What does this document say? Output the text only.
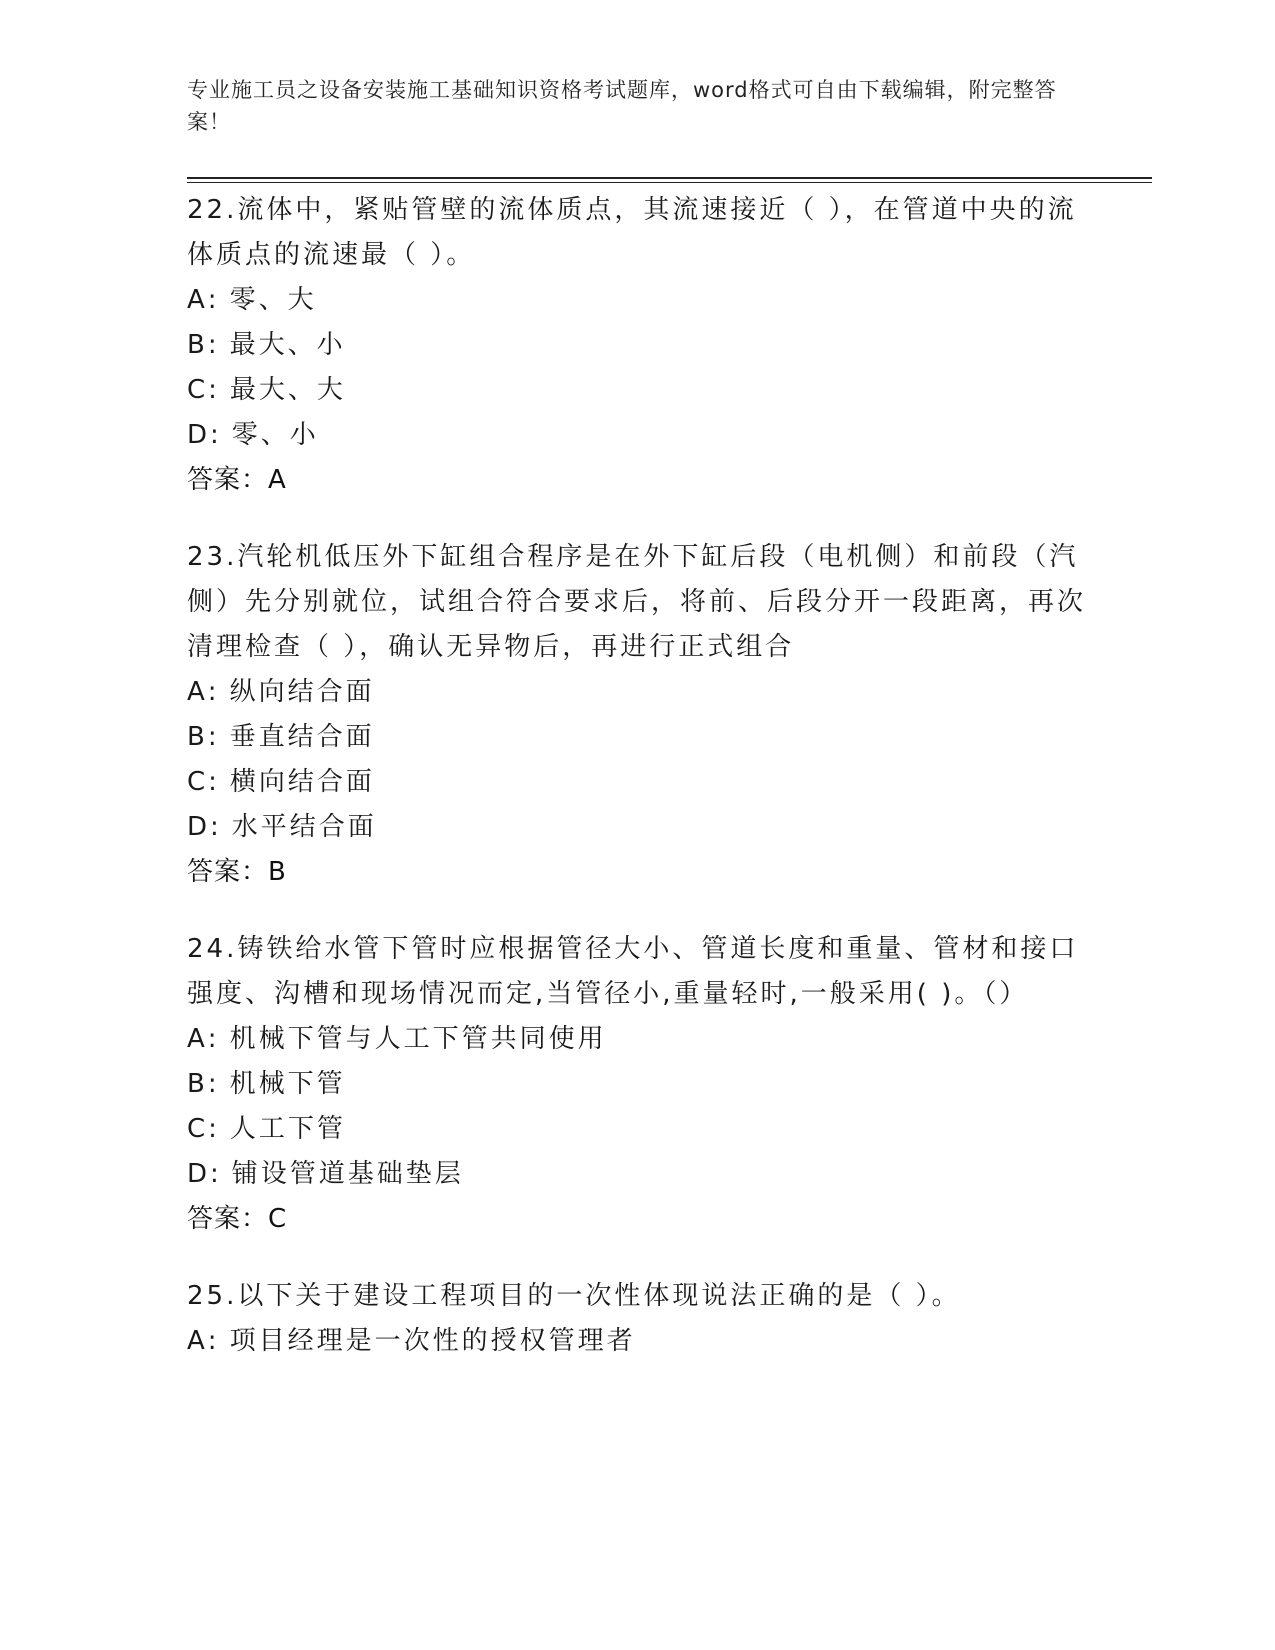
专业施工员之设备安装施工基础知识资格考试题库，word格式可自由下载编辑，附完整答案！

22.流体中，紧贴管壁的流体质点，其流速接近（ ），在管道中央的流体质点的流速最（ ）。

A: 零、大
B: 最大、小
C: 最大、大
D: 零、小

答案：A

23.汽轮机低压外下缸组合程序是在外下缸后段（电机侧）和前段（汽侧）先分别就位，试组合符合要求后，将前、后段分开一段距离，再次清理检查（ ），确认无异物后，再进行正式组合

A: 纵向结合面
B: 垂直结合面
C: 横向结合面
D: 水平结合面

答案：B

24.铸铁给水管下管时应根据管径大小、管道长度和重量、管材和接口强度、沟槽和现场情况而定,当管径小,重量轻时,一般采用( )。（）

A: 机械下管与人工下管共同使用
B: 机械下管
C: 人工下管
D: 铺设管道基础垫层

答案：C

25.以下关于建设工程项目的一次性体现说法正确的是（ ）。

A: 项目经理是一次性的授权管理者
